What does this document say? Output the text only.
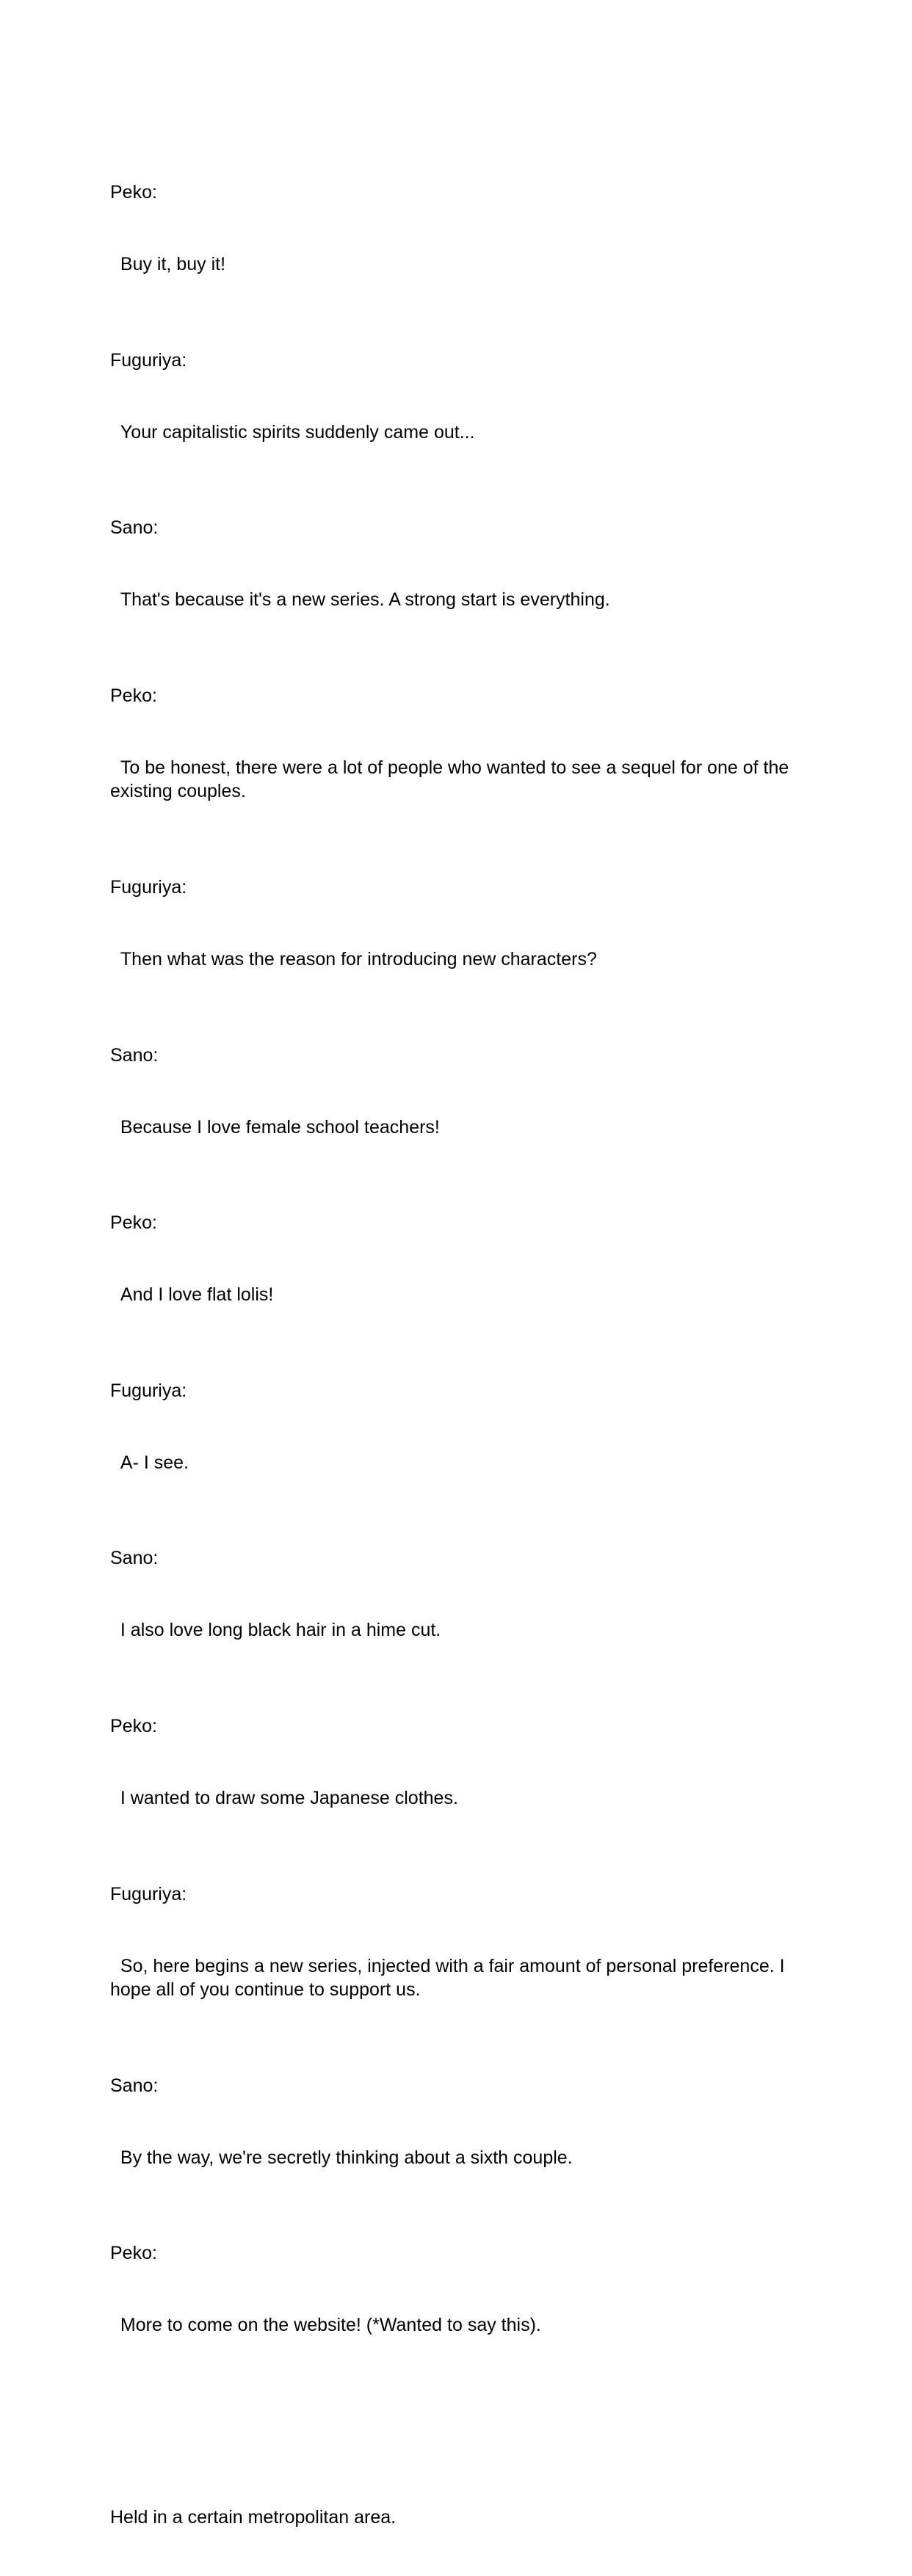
Peko:

Buy it, buy it!

Fuguriya:

Your capitalistic spirits suddenly came out...

Sano:

That's because it's a new series. A strong start is everything.

Peko:

To be honest, there were a lot of people who wanted to see a sequel for one of the existing couples.

Fuguriya:

Then what was the reason for introducing new characters?

Sano:

Because I love female school teachers!

Peko:

And I love flat lolis!

Fuguriya:

A- I see.

Sano:

I also love long black hair in a hime cut.

Peko:

I wanted to draw some Japanese clothes.

Fuguriya:

So, here begins a new series, injected with a fair amount of personal preference. I hope all of you continue to support us.

Sano:

By the way, we're secretly thinking about a sixth couple.

Peko:

More to come on the website! (*Wanted to say this).

Held in a certain metropolitan area.
